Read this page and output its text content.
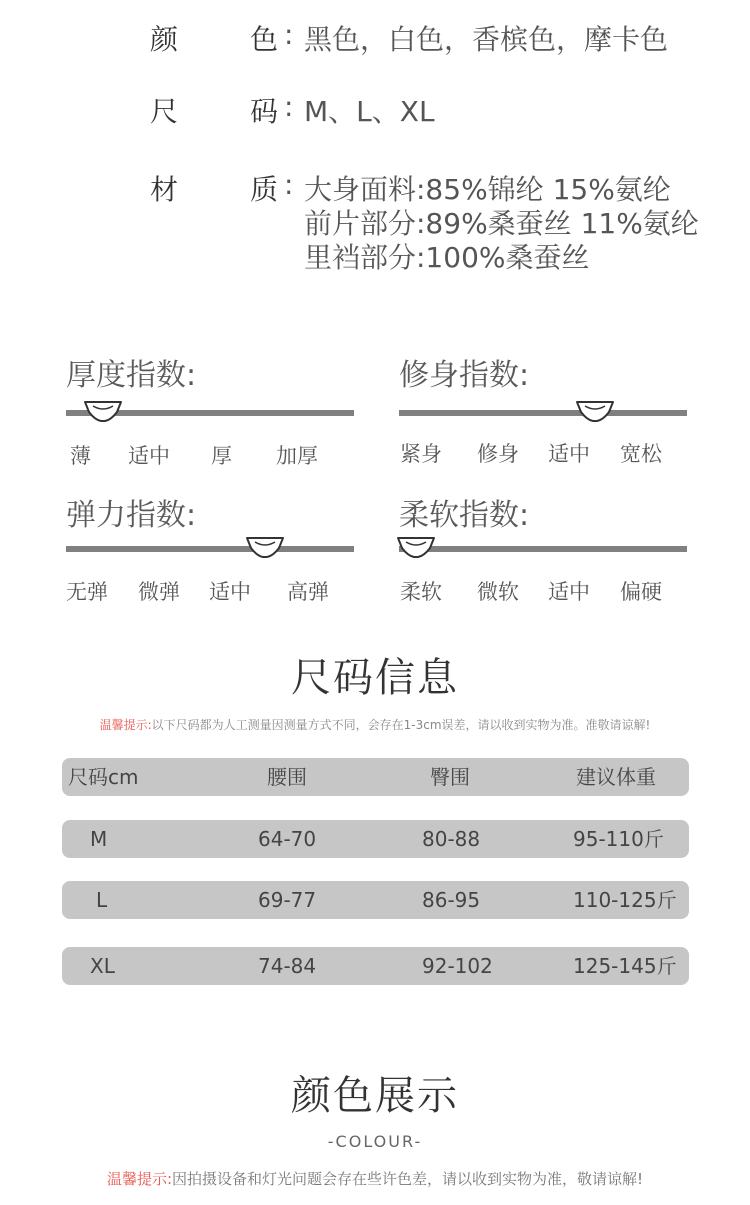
颜	色 : 黑色，白色，香槟色，摩卡色
尺	码 : M、L、XL
材	质 : 大身面料:85%锦纶 15%氨纶
前片部分:89%桑蚕丝 11%氨纶
里裆部分:100%桑蚕丝
厚度指数:
薄 适中 厚 加厚
修身指数:
紧身 修身 适中 宽松
弹力指数:
无弹 微弹 适中 高弹
柔软指数:
柔软 微软 适中 偏硬
尺码信息
温馨提示:以下尺码都为人工测量因测量方式不同，会存在1-3cm误差，请以收到实物为准。准敬请谅解!
尺码cm	腰围	臀围	建议体重
M	64-70	80-88	95-110斤
L	69-77	86-95	110-125斤
XL	74-84	92-102	125-145斤
颜色展示
-COLOUR-
温馨提示:因拍摄设备和灯光问题会存在些许色差，请以收到实物为准，敬请谅解!
